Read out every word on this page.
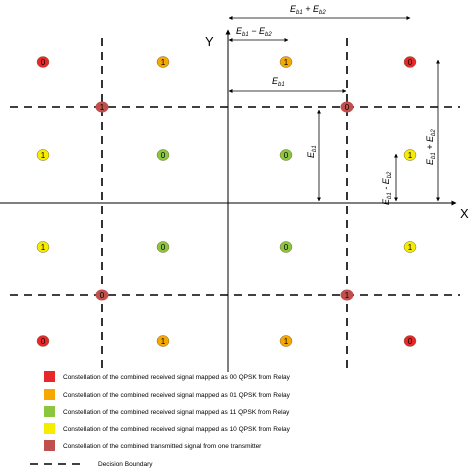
X
Y
0	1	1	0
1	0	0	1
1	0	0	1
0	1	1	0
1	0
0	1
$E_{b1} + E_{b2}$
$E_{b1} - E_{b2}$
$E_{b1}$
$E_{b1}$
$E_{b1} - E_{b2}$
$E_{b1} + E_{b2}$
Constellation of the combined received signal mapped as 00 QPSK from Relay
Constellation of the combined received signal mapped as 01 QPSK from Relay
Constellation of the combined received signal mapped as 11 QPSK from Relay
Constellation of the combined received signal mapped as 10 QPSK from Relay
Constellation of the combined transmitted signal from one transmitter
Decision Boundary
